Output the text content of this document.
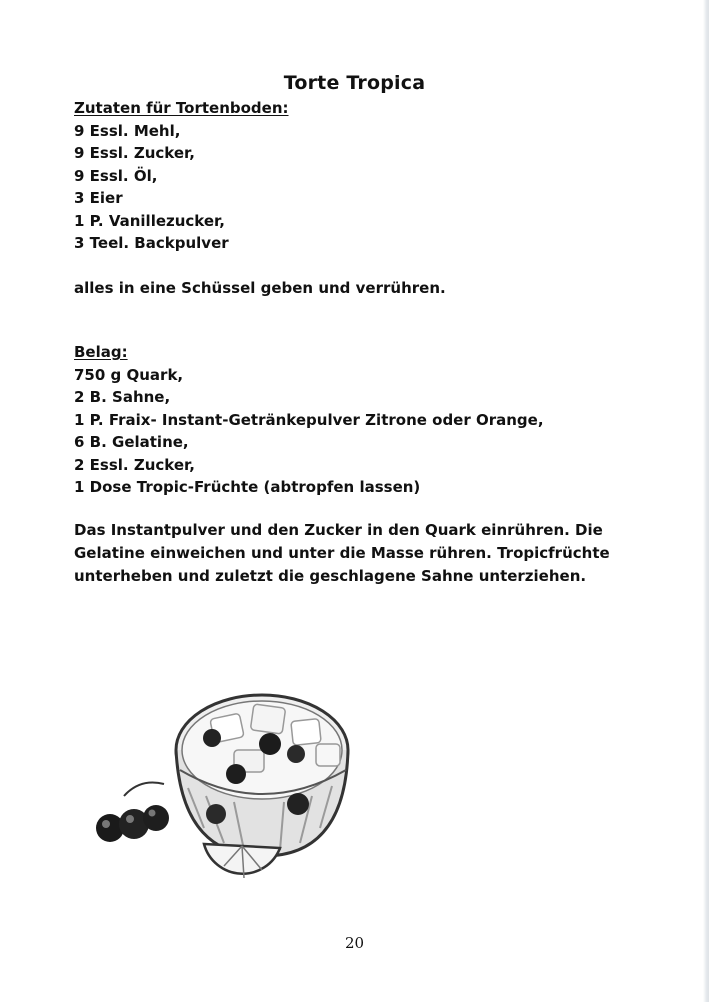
Torte Tropica
Zutaten für Tortenboden:
9 Essl. Mehl,
9 Essl. Zucker,
9 Essl. Öl,
3 Eier
1 P. Vanillezucker,
3 Teel. Backpulver
alles in eine Schüssel geben und verrühren.
Belag:
750 g Quark,
2 B. Sahne,
1 P. Fraix- Instant-Getränkepulver Zitrone oder Orange,
6 B. Gelatine,
2 Essl. Zucker,
1 Dose Tropic-Früchte (abtropfen lassen)
Das Instantpulver und den Zucker in den Quark einrühren. Die Gelatine einweichen und unter die Masse rühren. Tropicfrüchte unterheben und zuletzt die geschlagene Sahne unterziehen.
20
